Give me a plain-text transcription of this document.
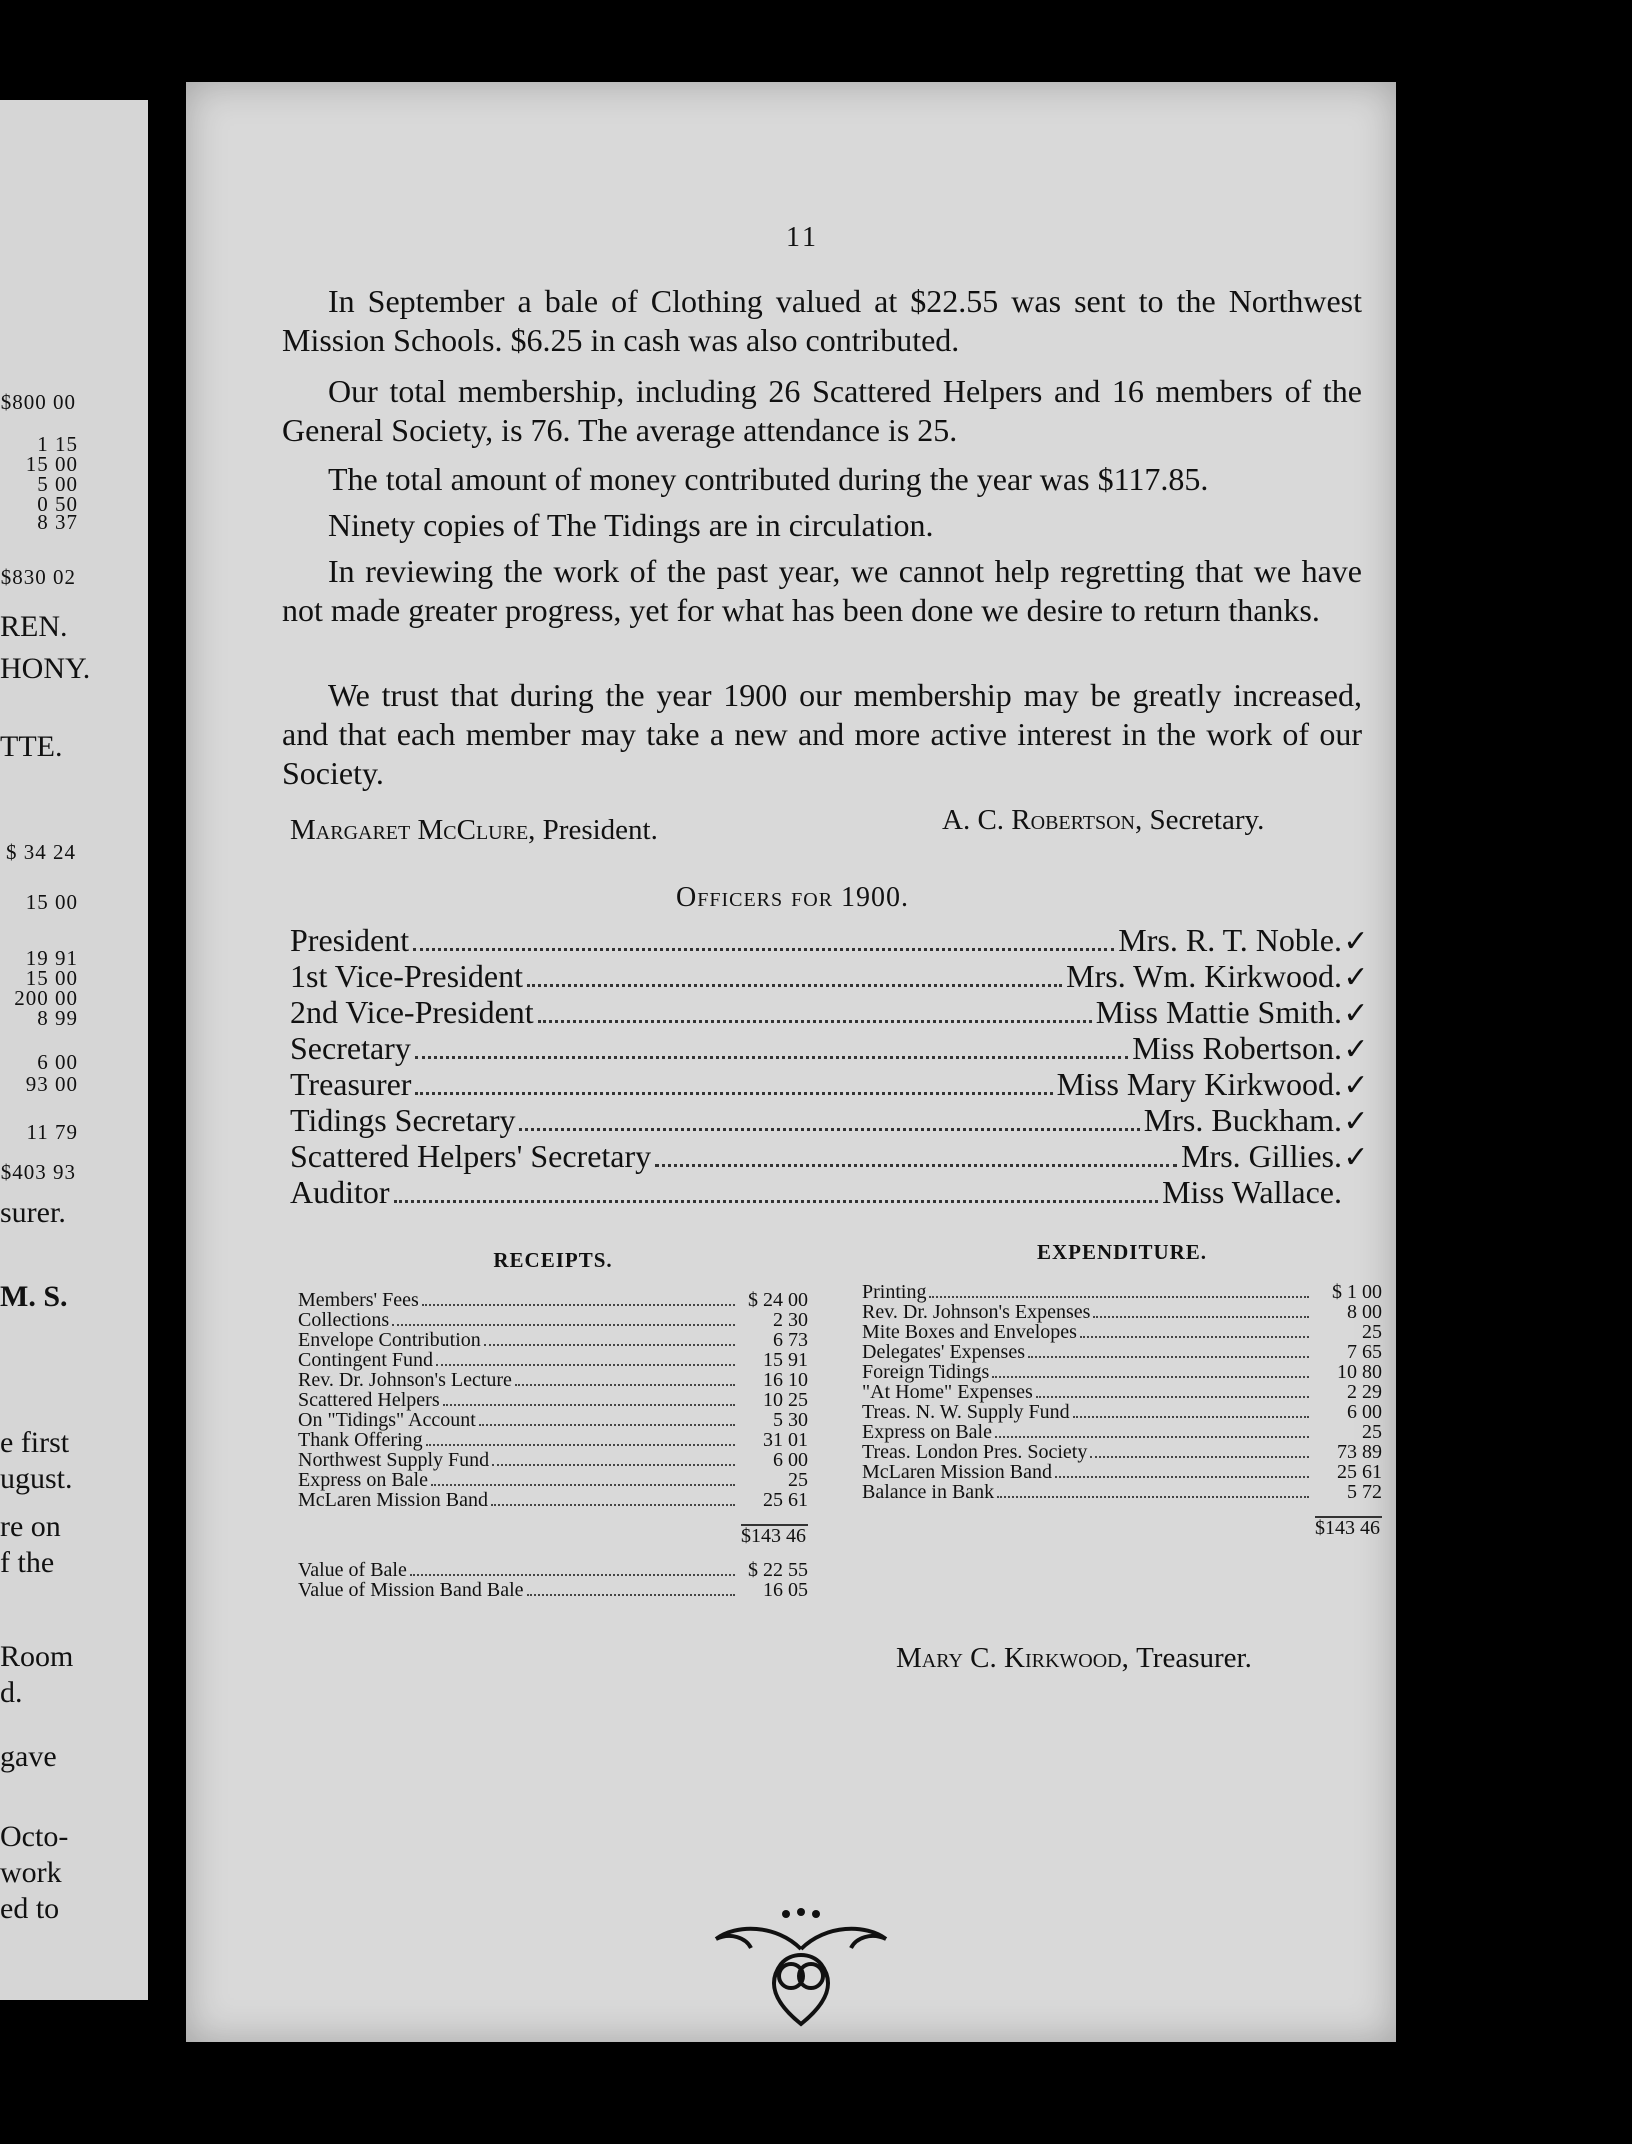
$800 00
1 15
15 00
5 00
0 50
8 37
$830 02
REN.
HONY.
TTE.
$ 34 24
15 00
19 91
15 00
200 00
8 99
6 00
93 00
11 79
$403 93
surer.
M. S.
e first
ugust.
re on
f the
Room
d.
gave
Octo-
work
ed to
11
In September a bale of Clothing valued at $22.55 was sent to the Northwest Mission Schools. $6.25 in cash was also contributed.
Our total membership, including 26 Scattered Helpers and 16 members of the General Society, is 76. The average attendance is 25.
The total amount of money contributed during the year was $117.85.
Ninety copies of The Tidings are in circulation.
In reviewing the work of the past year, we cannot help regretting that we have not made greater progress, yet for what has been done we desire to return thanks.
We trust that during the year 1900 our membership may be greatly increased, and that each member may take a new and more active interest in the work of our Society.
Margaret McClure, President.	A. C. Robertson, Secretary.
Officers for 1900.
President	Mrs. R. T. Noble. ✓
1st Vice-President	Mrs. Wm. Kirkwood. ✓
2nd Vice-President	Miss Mattie Smith. ✓
Secretary	Miss Robertson. ✓
Treasurer	Miss Mary Kirkwood. ✓
Tidings Secretary	Mrs. Buckham. ✓
Scattered Helpers' Secretary	Mrs. Gillies. ✓
Auditor	Miss Wallace.
RECEIPTS.
Members' Fees	$ 24 00
Collections	2 30
Envelope Contribution	6 73
Contingent Fund	15 91
Rev. Dr. Johnson's Lecture	16 10
Scattered Helpers	10 25
On "Tidings" Account	5 30
Thank Offering	31 01
Northwest Supply Fund	6 00
Express on Bale	25
McLaren Mission Band	25 61
$143 46
Value of Bale	$ 22 55
Value of Mission Band Bale	16 05
EXPENDITURE.
Printing	$ 1 00
Rev. Dr. Johnson's Expenses	8 00
Mite Boxes and Envelopes	25
Delegates' Expenses	7 65
Foreign Tidings	10 80
"At Home" Expenses	2 29
Treas. N. W. Supply Fund	6 00
Express on Bale	25
Treas. London Pres. Society	73 89
McLaren Mission Band	25 61
Balance in Bank	5 72
$143 46
Mary C. Kirkwood, Treasurer.
